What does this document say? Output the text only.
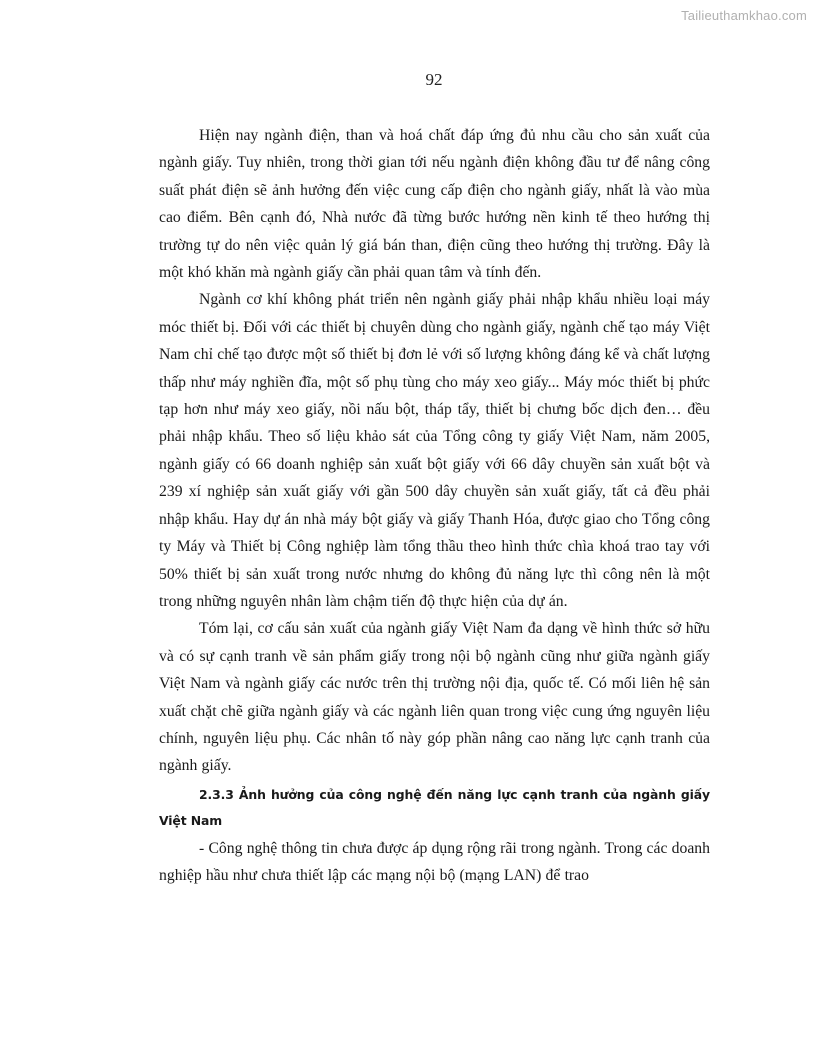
Tailieuthamkhao.com
92

Hiện nay ngành điện, than và hoá chất đáp ứng đủ nhu cầu cho sản xuất của ngành giấy. Tuy nhiên, trong thời gian tới nếu ngành điện không đầu tư để nâng công suất phát điện sẽ ảnh hưởng đến việc cung cấp điện cho ngành giấy, nhất là vào mùa cao điểm. Bên cạnh đó, Nhà nước đã từng bước hướng nền kinh tế theo hướng thị trường tự do nên việc quản lý giá bán than, điện cũng theo hướng thị trường. Đây là một khó khăn mà ngành giấy cần phải quan tâm và tính đến.

Ngành cơ khí không phát triển nên ngành giấy phải nhập khẩu nhiều loại máy móc thiết bị. Đối với các thiết bị chuyên dùng cho ngành giấy, ngành chế tạo máy Việt Nam chỉ chế tạo được một số thiết bị đơn lẻ với số lượng không đáng kể và chất lượng thấp như máy nghiền đĩa, một số phụ tùng cho máy xeo giấy... Máy móc thiết bị phức tạp hơn như máy xeo giấy, nồi nấu bột, tháp tẩy, thiết bị chưng bốc dịch đen… đều phải nhập khẩu. Theo số liệu khảo sát của Tổng công ty giấy Việt Nam, năm 2005, ngành giấy có 66 doanh nghiệp sản xuất bột giấy với 66 dây chuyền sản xuất bột và 239 xí nghiệp sản xuất giấy với gần 500 dây chuyền sản xuất giấy, tất cả đều phải nhập khẩu. Hay dự án nhà máy bột giấy và giấy Thanh Hóa, được giao cho Tổng công ty Máy và Thiết bị Công nghiệp làm tổng thầu theo hình thức chìa khoá trao tay với 50% thiết bị sản xuất trong nước nhưng do không đủ năng lực thì công nên là một trong những nguyên nhân làm chậm tiến độ thực hiện của dự án.

Tóm lại, cơ cấu sản xuất của ngành giấy Việt Nam đa dạng về hình thức sở hữu và có sự cạnh tranh về sản phẩm giấy trong nội bộ ngành cũng như giữa ngành giấy Việt Nam và ngành giấy các nước trên thị trường nội địa, quốc tế. Có mối liên hệ sản xuất chặt chẽ giữa ngành giấy và các ngành liên quan trong việc cung ứng nguyên liệu chính, nguyên liệu phụ. Các nhân tố này góp phần nâng cao năng lực cạnh tranh của ngành giấy.

2.3.3 Ảnh hưởng của công nghệ đến năng lực cạnh tranh của ngành giấy Việt Nam

- Công nghệ thông tin chưa được áp dụng rộng rãi trong ngành. Trong các doanh nghiệp hầu như chưa thiết lập các mạng nội bộ (mạng LAN) để trao
